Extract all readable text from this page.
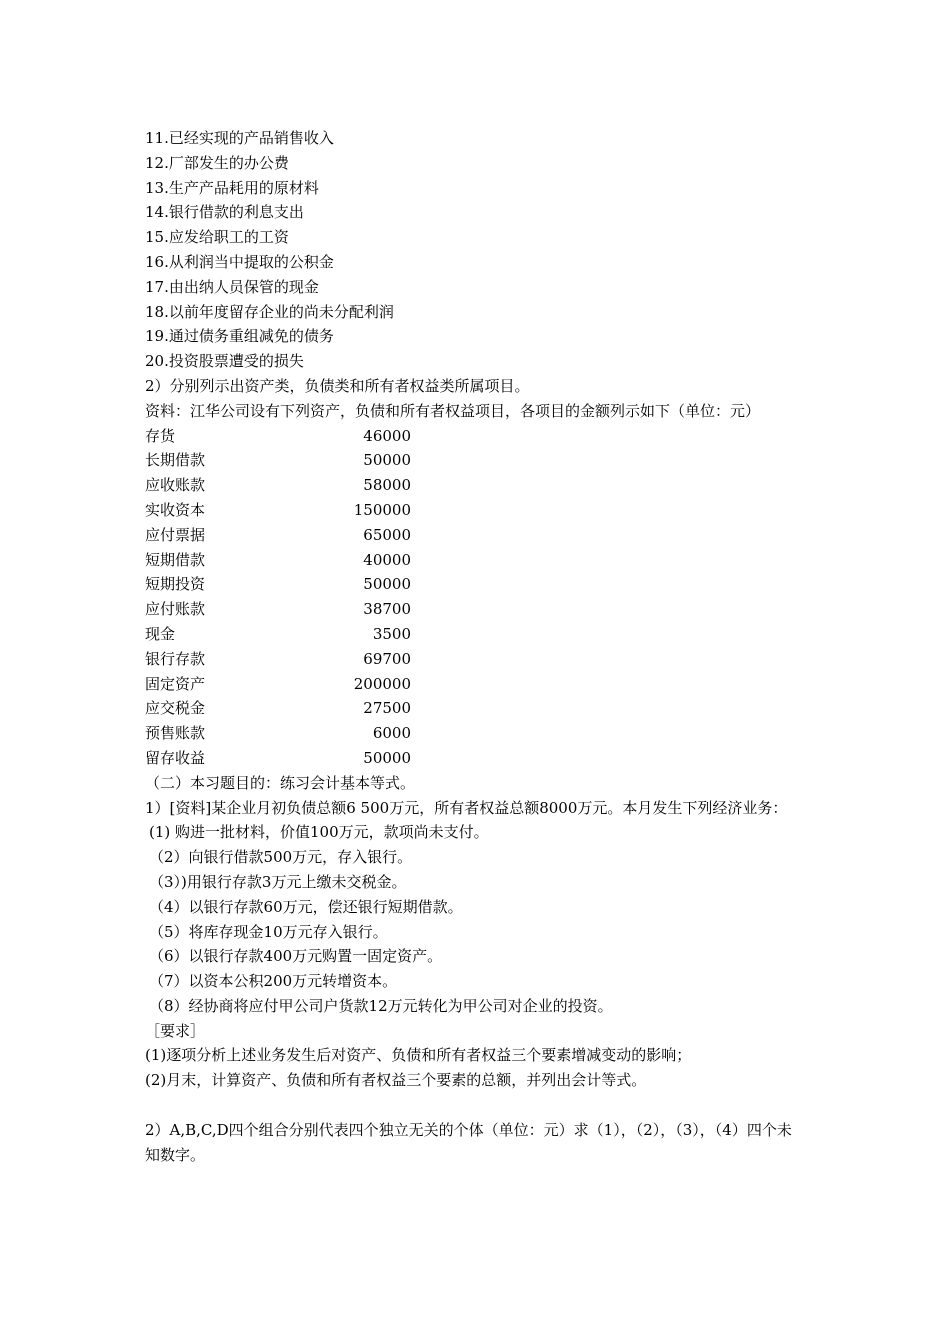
11.已经实现的产品销售收入
12.厂部发生的办公费
13.生产产品耗用的原材料
14.银行借款的利息支出
15.应发给职工的工资
16.从利润当中提取的公积金
17.由出纳人员保管的现金
18.以前年度留存企业的尚未分配利润
19.通过债务重组减免的债务
20.投资股票遭受的损失
2）分别列示出资产类，负债类和所有者权益类所属项目。
资料：江华公司设有下列资产，负债和所有者权益项目，各项目的金额列示如下（单位：元）
存货	46000
长期借款	50000
应收账款	58000
实收资本	150000
应付票据	65000
短期借款	40000
短期投资	50000
应付账款	38700
现金	3500
银行存款	69700
固定资产	200000
应交税金	27500
预售账款	6000
留存收益	50000
（二）本习题目的：练习会计基本等式。
1）[资料]某企业月初负债总额6 500万元，所有者权益总额8000万元。本月发生下列经济业务：
(1) 购进一批材料，价值100万元，款项尚未支付。
（2）向银行借款500万元，存入银行。
（3）)用银行存款3万元上缴未交税金。
（4）以银行存款60万元，偿还银行短期借款。
（5）将库存现金10万元存入银行。
（6）以银行存款400万元购置一固定资产。
（7）以资本公积200万元转增资本。
（8）经协商将应付甲公司户货款12万元转化为甲公司对企业的投资。
［要求］
(1)逐项分析上述业务发生后对资产、负债和所有者权益三个要素增减变动的影响；
(2)月末，计算资产、负债和所有者权益三个要素的总额，并列出会计等式。
2）A,B,C,D四个组合分别代表四个独立无关的个体（单位：元）求（1），（2），（3），（4）四个未知数字。
